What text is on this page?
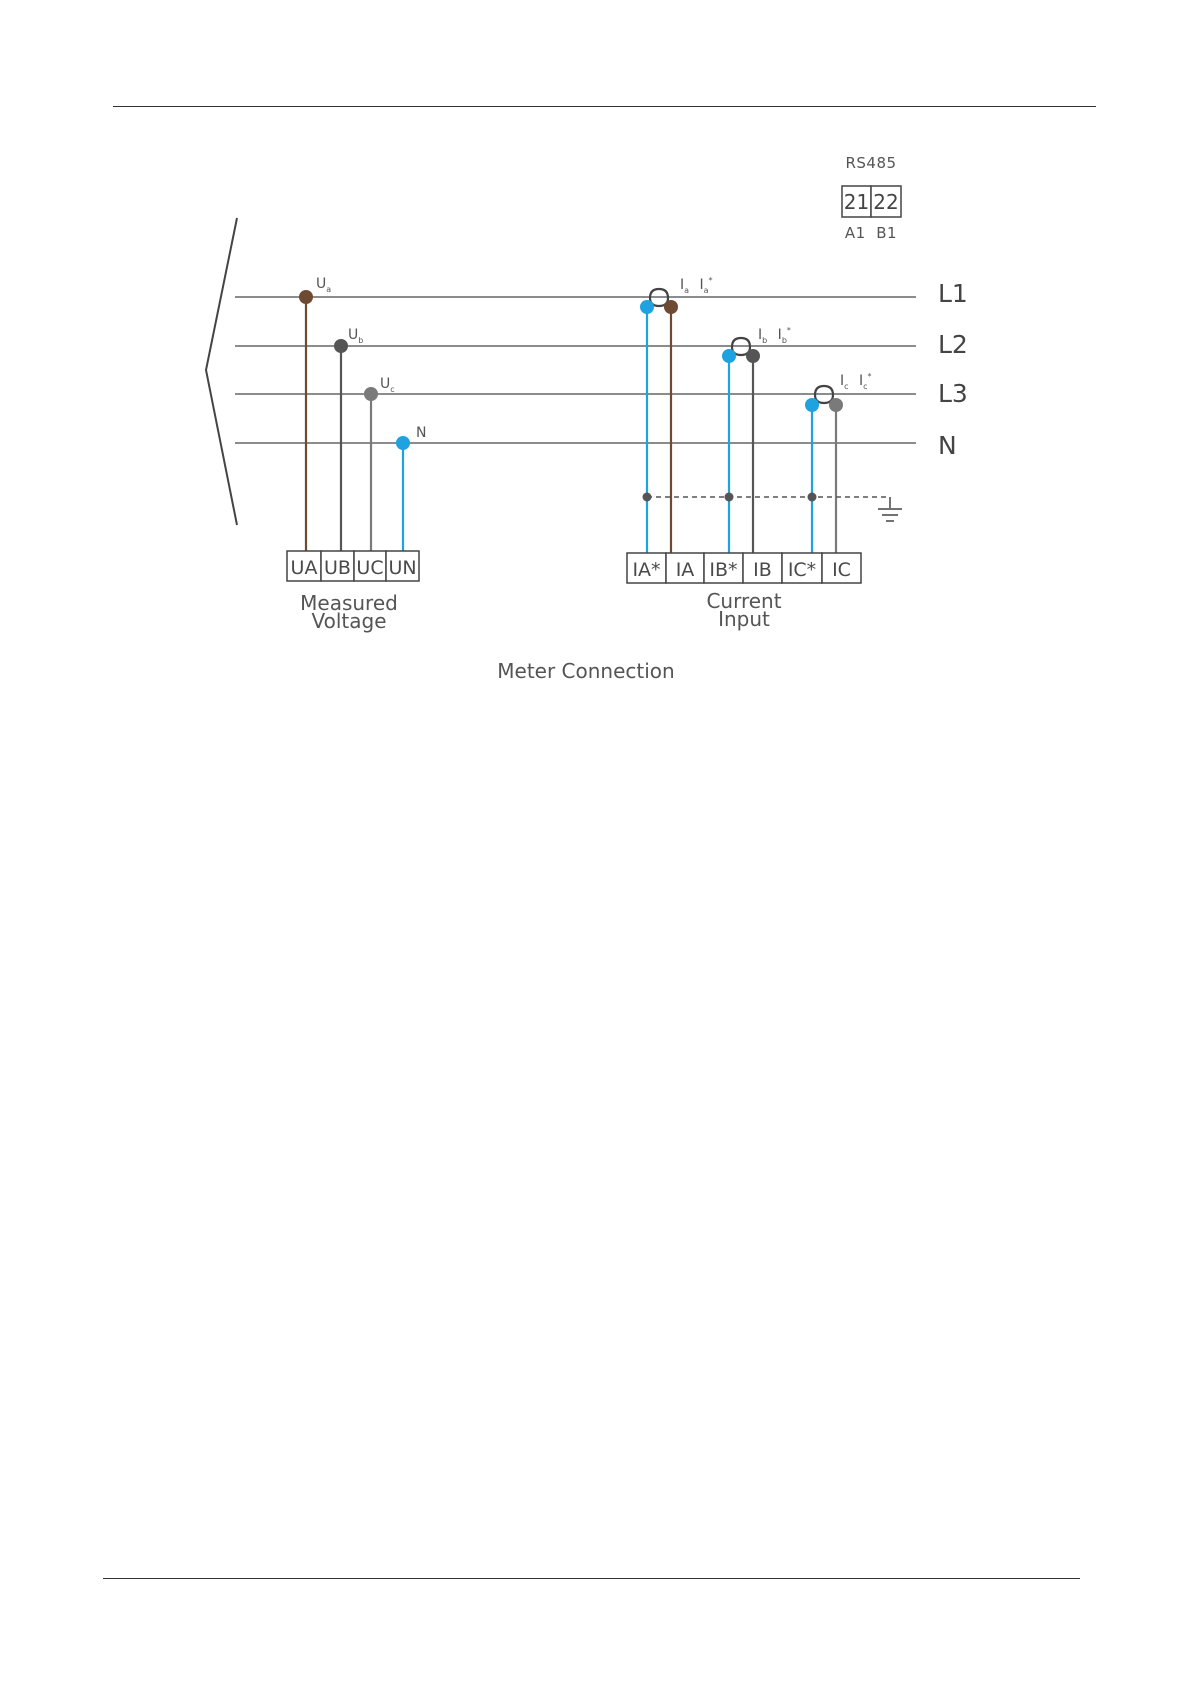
L1
L2
L3
N
$U_a$
$U_b$
$U_c$
N
$I_a$ $I_a^*$
$I_b$ $I_b^*$
$I_c$ $I_c^*$
UA UB UC UN	IA* IA IB* IB IC* IC
Measured
Voltage
Current
Input
RS485
21 22
A1  B1
Meter Connection
